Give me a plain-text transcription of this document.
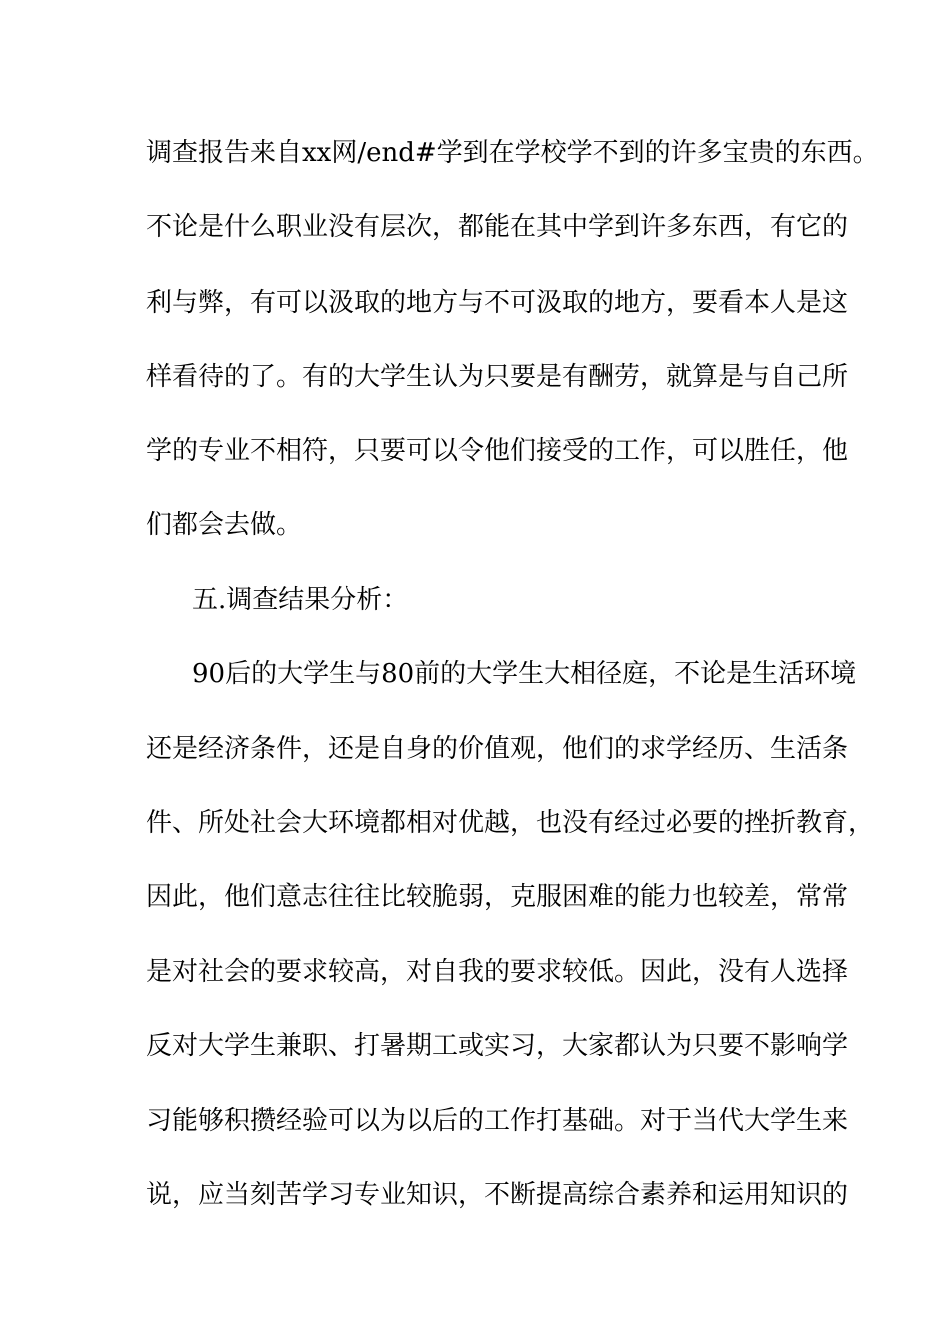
调查报告来自xx网/end#学到在学校学不到的许多宝贵的东西。
不论是什么职业没有层次，都能在其中学到许多东西，有它的
利与弊，有可以汲取的地方与不可汲取的地方，要看本人是这
样看待的了。有的大学生认为只要是有酬劳，就算是与自己所
学的专业不相符，只要可以令他们接受的工作，可以胜任，他
们都会去做。
五.调查结果分析：
90后的大学生与80前的大学生大相径庭，不论是生活环境
还是经济条件，还是自身的价值观，他们的求学经历、生活条
件、所处社会大环境都相对优越，也没有经过必要的挫折教育，
因此，他们意志往往比较脆弱，克服困难的能力也较差，常常
是对社会的要求较高，对自我的要求较低。因此，没有人选择
反对大学生兼职、打暑期工或实习，大家都认为只要不影响学
习能够积攒经验可以为以后的工作打基础。对于当代大学生来
说，应当刻苦学习专业知识，不断提高综合素养和运用知识的
